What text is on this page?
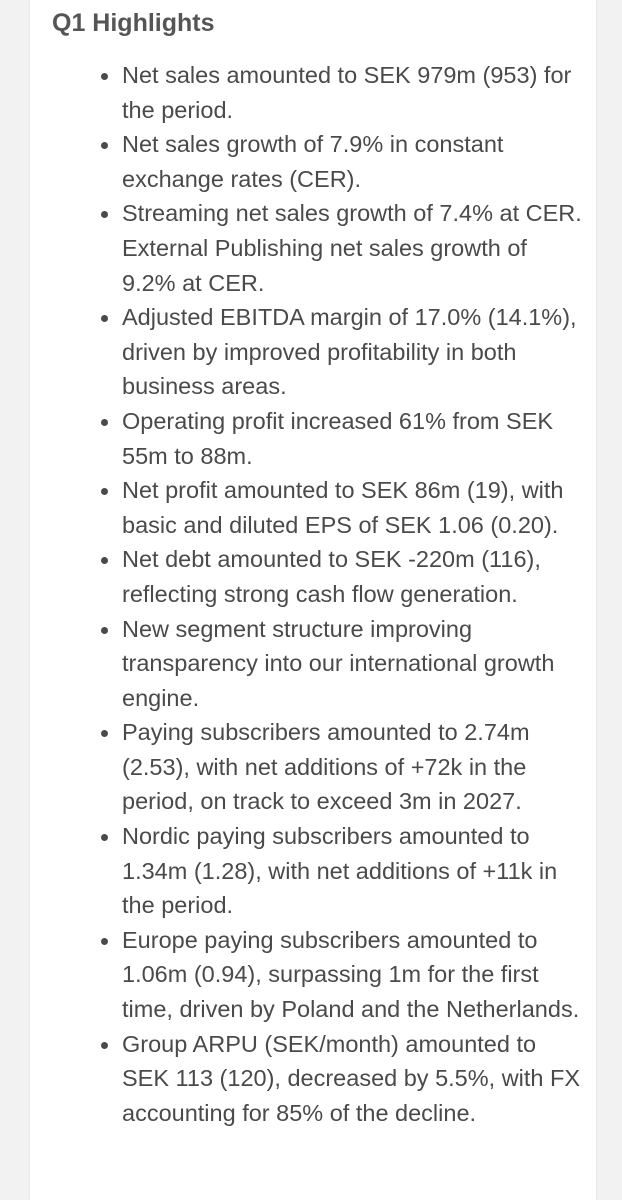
Q1 Highlights
Net sales amounted to SEK 979m (953) for the period.
Net sales growth of 7.9% in constant exchange rates (CER).
Streaming net sales growth of 7.4% at CER. External Publishing net sales growth of 9.2% at CER.
Adjusted EBITDA margin of 17.0% (14.1%), driven by improved profitability in both business areas.
Operating profit increased 61% from SEK 55m to 88m.
Net profit amounted to SEK 86m (19), with basic and diluted EPS of SEK 1.06 (0.20).
Net debt amounted to SEK -220m (116), reflecting strong cash flow generation.
New segment structure improving transparency into our international growth engine.
Paying subscribers amounted to 2.74m (2.53), with net additions of +72k in the period, on track to exceed 3m in 2027.
Nordic paying subscribers amounted to 1.34m (1.28), with net additions of +11k in the period.
Europe paying subscribers amounted to 1.06m (0.94), surpassing 1m for the first time, driven by Poland and the Netherlands.
Group ARPU (SEK/month) amounted to SEK 113 (120), decreased by 5.5%, with FX accounting for 85% of the decline.
